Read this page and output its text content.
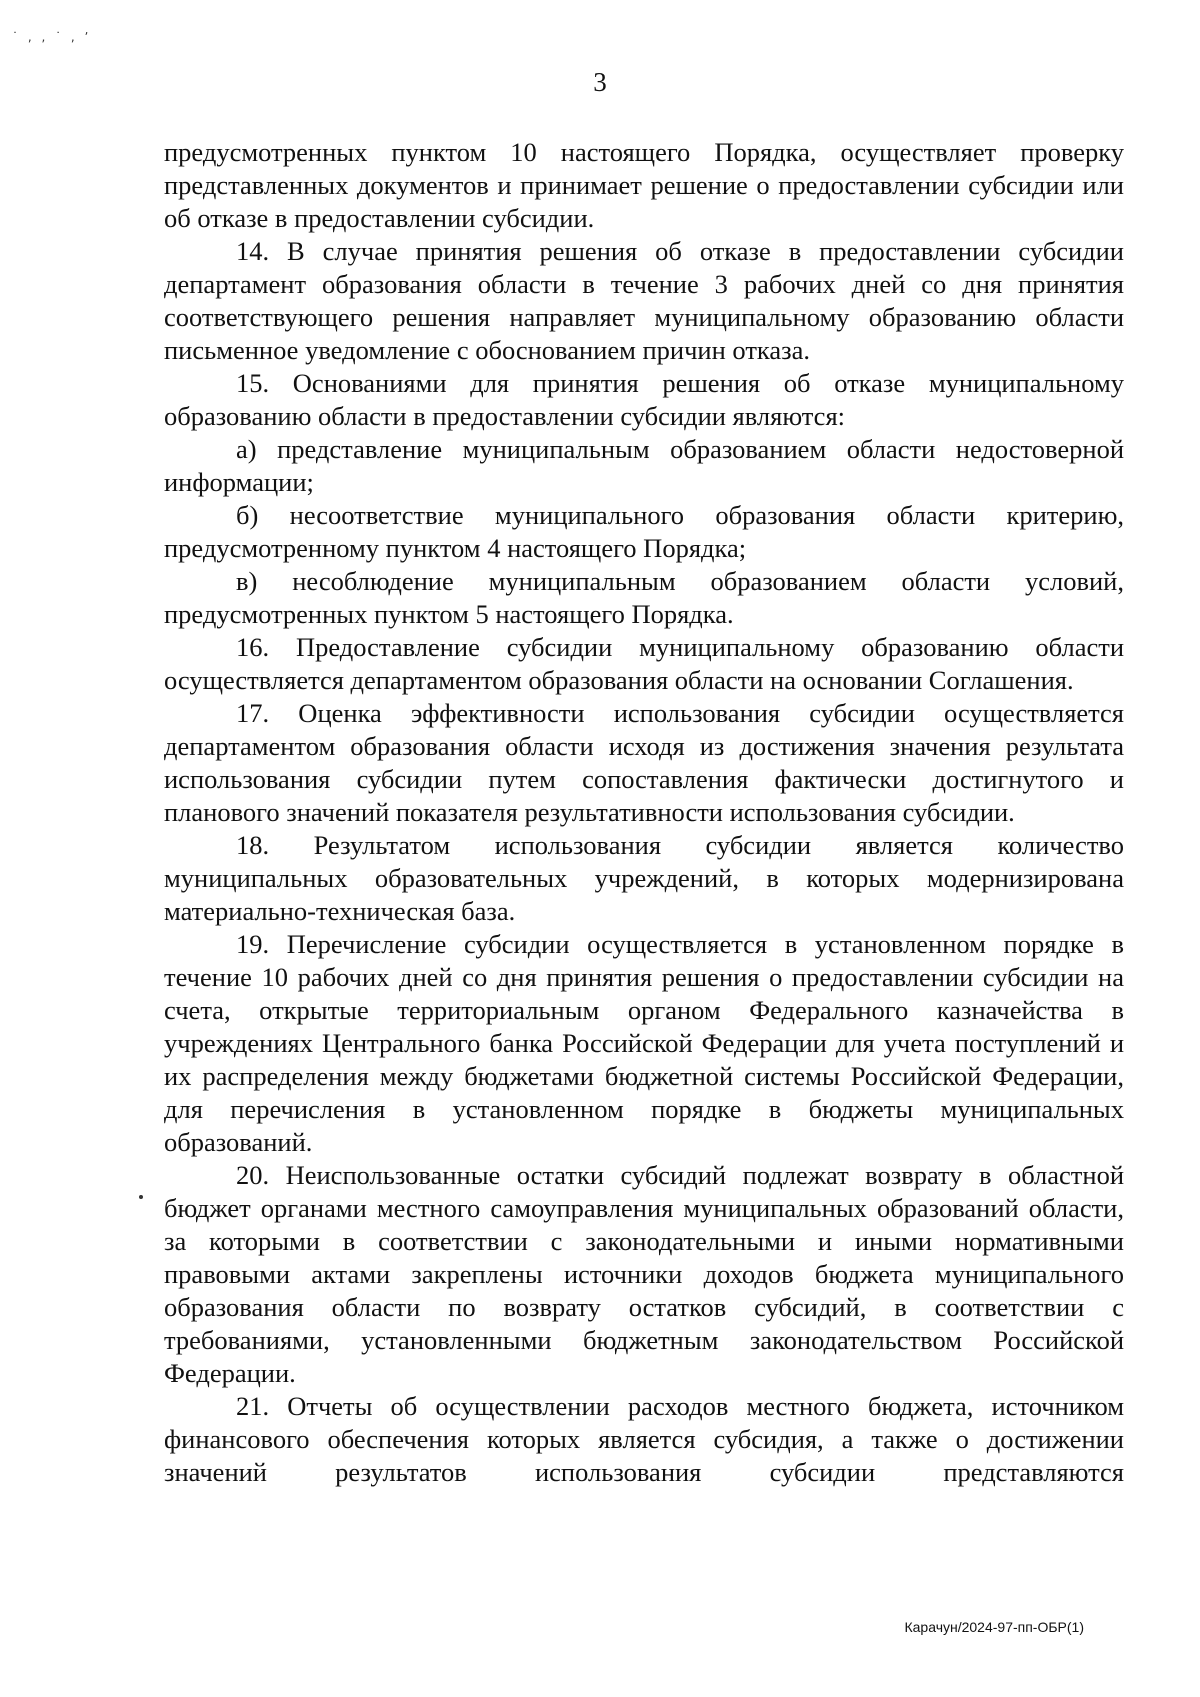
˙ , , ˙ , ʼ
3

предусмотренных пунктом 10 настоящего Порядка, осуществляет проверку представленных документов и принимает решение о предоставлении субсидии или об отказе в предоставлении субсидии.

14. В случае принятия решения об отказе в предоставлении субсидии департамент образования области в течение 3 рабочих дней со дня принятия соответствующего решения направляет муниципальному образованию области письменное уведомление с обоснованием причин отказа.

15. Основаниями для принятия решения об отказе муниципальному образованию области в предоставлении субсидии являются:

а) представление муниципальным образованием области недостоверной информации;

б) несоответствие муниципального образования области критерию, предусмотренному пунктом 4 настоящего Порядка;

в) несоблюдение муниципальным образованием области условий, предусмотренных пунктом 5 настоящего Порядка.

16. Предоставление субсидии муниципальному образованию области осуществляется департаментом образования области на основании Соглашения.

17. Оценка эффективности использования субсидии осуществляется департаментом образования области исходя из достижения значения результата использования субсидии путем сопоставления фактически достигнутого и планового значений показателя результативности использования субсидии.

18. Результатом использования субсидии является количество муниципальных образовательных учреждений, в которых модернизирована материально-техническая база.

19. Перечисление субсидии осуществляется в установленном порядке в течение 10 рабочих дней со дня принятия решения о предоставлении субсидии на счета, открытые территориальным органом Федерального казначейства в учреждениях Центрального банка Российской Федерации для учета поступлений и их распределения между бюджетами бюджетной системы Российской Федерации, для перечисления в установленном порядке в бюджеты муниципальных образований.

20. Неиспользованные остатки субсидий подлежат возврату в областной бюджет органами местного самоуправления муниципальных образований области, за которыми в соответствии с законодательными и иными нормативными правовыми актами закреплены источники доходов бюджета муниципального образования области по возврату остатков субсидий, в соответствии с требованиями, установленными бюджетным законодательством Российской Федерации.

21. Отчеты об осуществлении расходов местного бюджета, источником финансового обеспечения которых является субсидия, а также о достижении значений результатов использования субсидии представляются

Карачун/2024-97-пп-ОБР(1)
